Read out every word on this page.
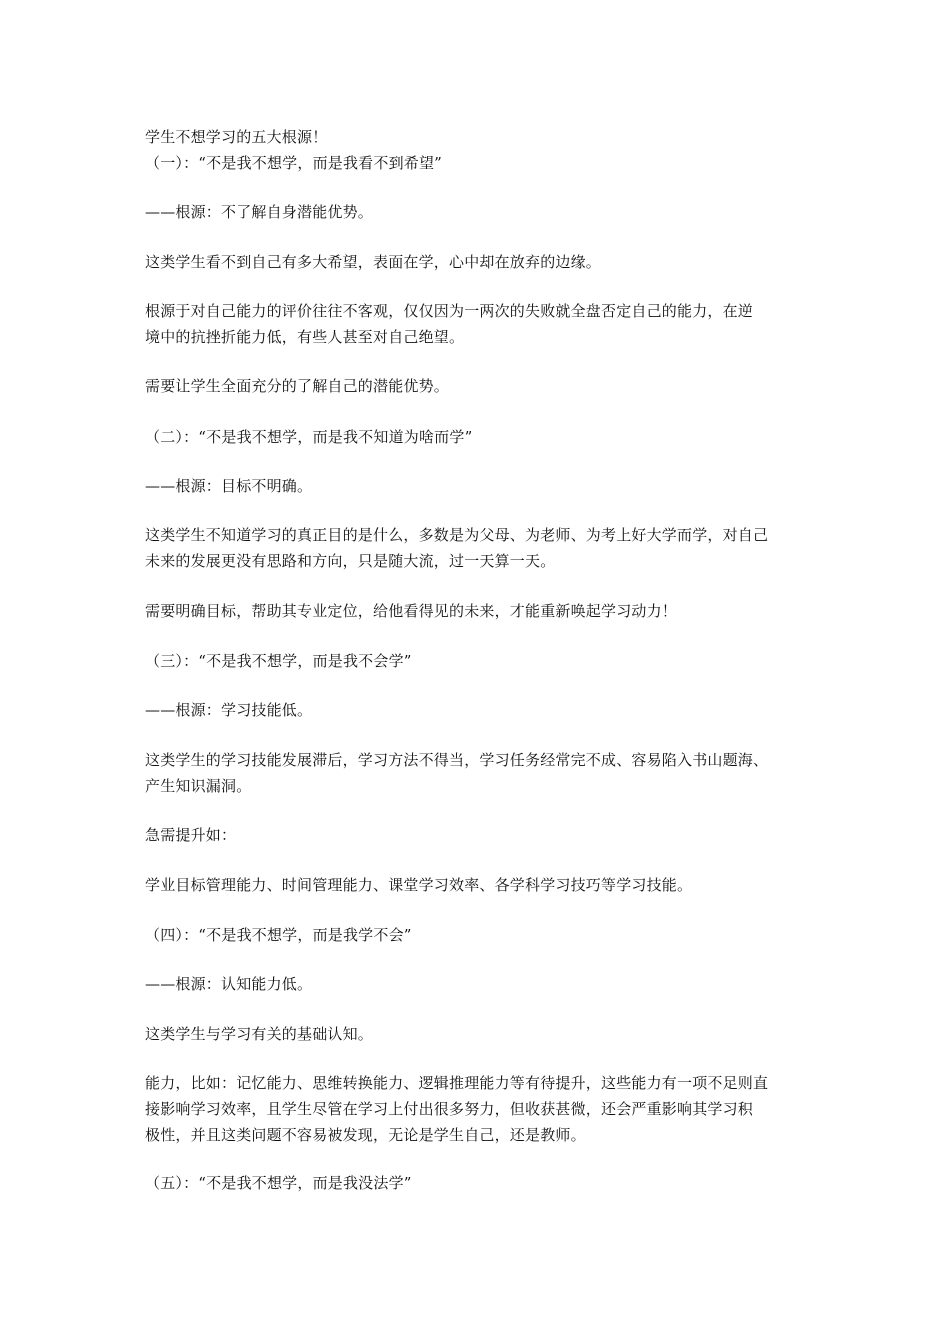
学生不想学习的五大根源！
（一）：“不是我不想学，而是我看不到希望”
——根源：不了解自身潜能优势。
这类学生看不到自己有多大希望，表面在学，心中却在放弃的边缘。
根源于对自己能力的评价往往不客观，仅仅因为一两次的失败就全盘否定自己的能力，在逆
境中的抗挫折能力低，有些人甚至对自己绝望。
需要让学生全面充分的了解自己的潜能优势。
（二）：“不是我不想学，而是我不知道为啥而学”
——根源：目标不明确。
这类学生不知道学习的真正目的是什么，多数是为父母、为老师、为考上好大学而学，对自己
未来的发展更没有思路和方向，只是随大流，过一天算一天。
需要明确目标，帮助其专业定位，给他看得见的未来，才能重新唤起学习动力！
（三）：“不是我不想学，而是我不会学”
——根源：学习技能低。
这类学生的学习技能发展滞后，学习方法不得当，学习任务经常完不成、容易陷入书山题海、
产生知识漏洞。
急需提升如：
学业目标管理能力、时间管理能力、课堂学习效率、各学科学习技巧等学习技能。
（四）：“不是我不想学，而是我学不会”
——根源：认知能力低。
这类学生与学习有关的基础认知。
能力，比如：记忆能力、思维转换能力、逻辑推理能力等有待提升，这些能力有一项不足则直
接影响学习效率，且学生尽管在学习上付出很多努力，但收获甚微，还会严重影响其学习积
极性，并且这类问题不容易被发现，无论是学生自己，还是教师。
（五）：“不是我不想学，而是我没法学”
